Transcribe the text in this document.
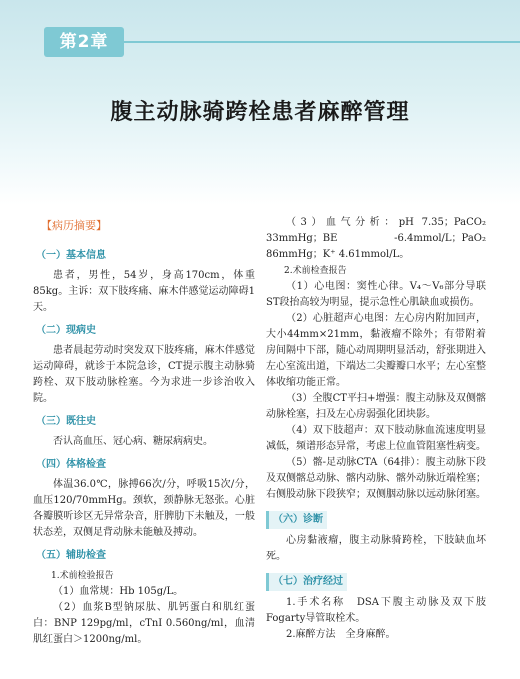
第2章
腹主动脉骑跨栓患者麻醉管理
【病历摘要】
（一）基本信息

患者，男性，54岁，身高170cm，体重85kg。主诉：双下肢疼痛、麻木伴感觉运动障碍1天。

（二）现病史

患者晨起劳动时突发双下肢疼痛，麻木伴感觉运动障碍，就诊于本院急诊，CT提示腹主动脉骑跨栓、双下肢动脉栓塞。今为求进一步诊治收入院。

（三）既往史

否认高血压、冠心病、糖尿病病史。

（四）体格检查

体温36.0℃，脉搏66次/分，呼吸15次/分，血压120/70mmHg。颈软，颈静脉无怒张。心脏各瓣膜听诊区无异常杂音，肝脾肋下未触及，一般状态差，双侧足背动脉未能触及搏动。

（五）辅助检查

1.术前检验报告

（1）血常规：Hb 105g/L。

（2）血浆B型钠尿肽、肌钙蛋白和肌红蛋白：BNP 129pg/ml，cTnI 0.560ng/ml，血清肌红蛋白＞1200ng/ml。

（3）血气分析：pH 7.35；PaCO₂ 33mmHg；BE -6.4mmol/L；PaO₂ 86mmHg；K⁺ 4.61mmol/L。

2.术前检查报告

（1）心电图：窦性心律。V₄～V₆部分导联ST段抬高较为明显，提示急性心肌缺血或损伤。

（2）心脏超声心电图：左心房内附加回声，大小44mm×21mm，黏液瘤不除外；有带附着房间隔中下部，随心动周期明显活动，舒张期进入左心室流出道，下端达二尖瓣瓣口水平；左心室整体收缩功能正常。

（3）全腹CT平扫+增强：腹主动脉及双侧髂动脉栓塞，扫及左心房弱强化团块影。

（4）双下肢超声：双下肢动脉血流速度明显减低，频谱形态异常，考虑上位血管阻塞性病变。

（5）髂-足动脉CTA（64排）：腹主动脉下段及双侧髂总动脉、髂内动脉、髂外动脉近端栓塞；右侧股动脉下段狭窄；双侧胭动脉以远动脉闭塞。

（六）诊断

心房黏液瘤，腹主动脉骑跨栓，下肢缺血坏死。

（七）治疗经过

1.手术名称　DSA下腹主动脉及双下肢Fogarty导管取栓术。

2.麻醉方法　全身麻醉。
